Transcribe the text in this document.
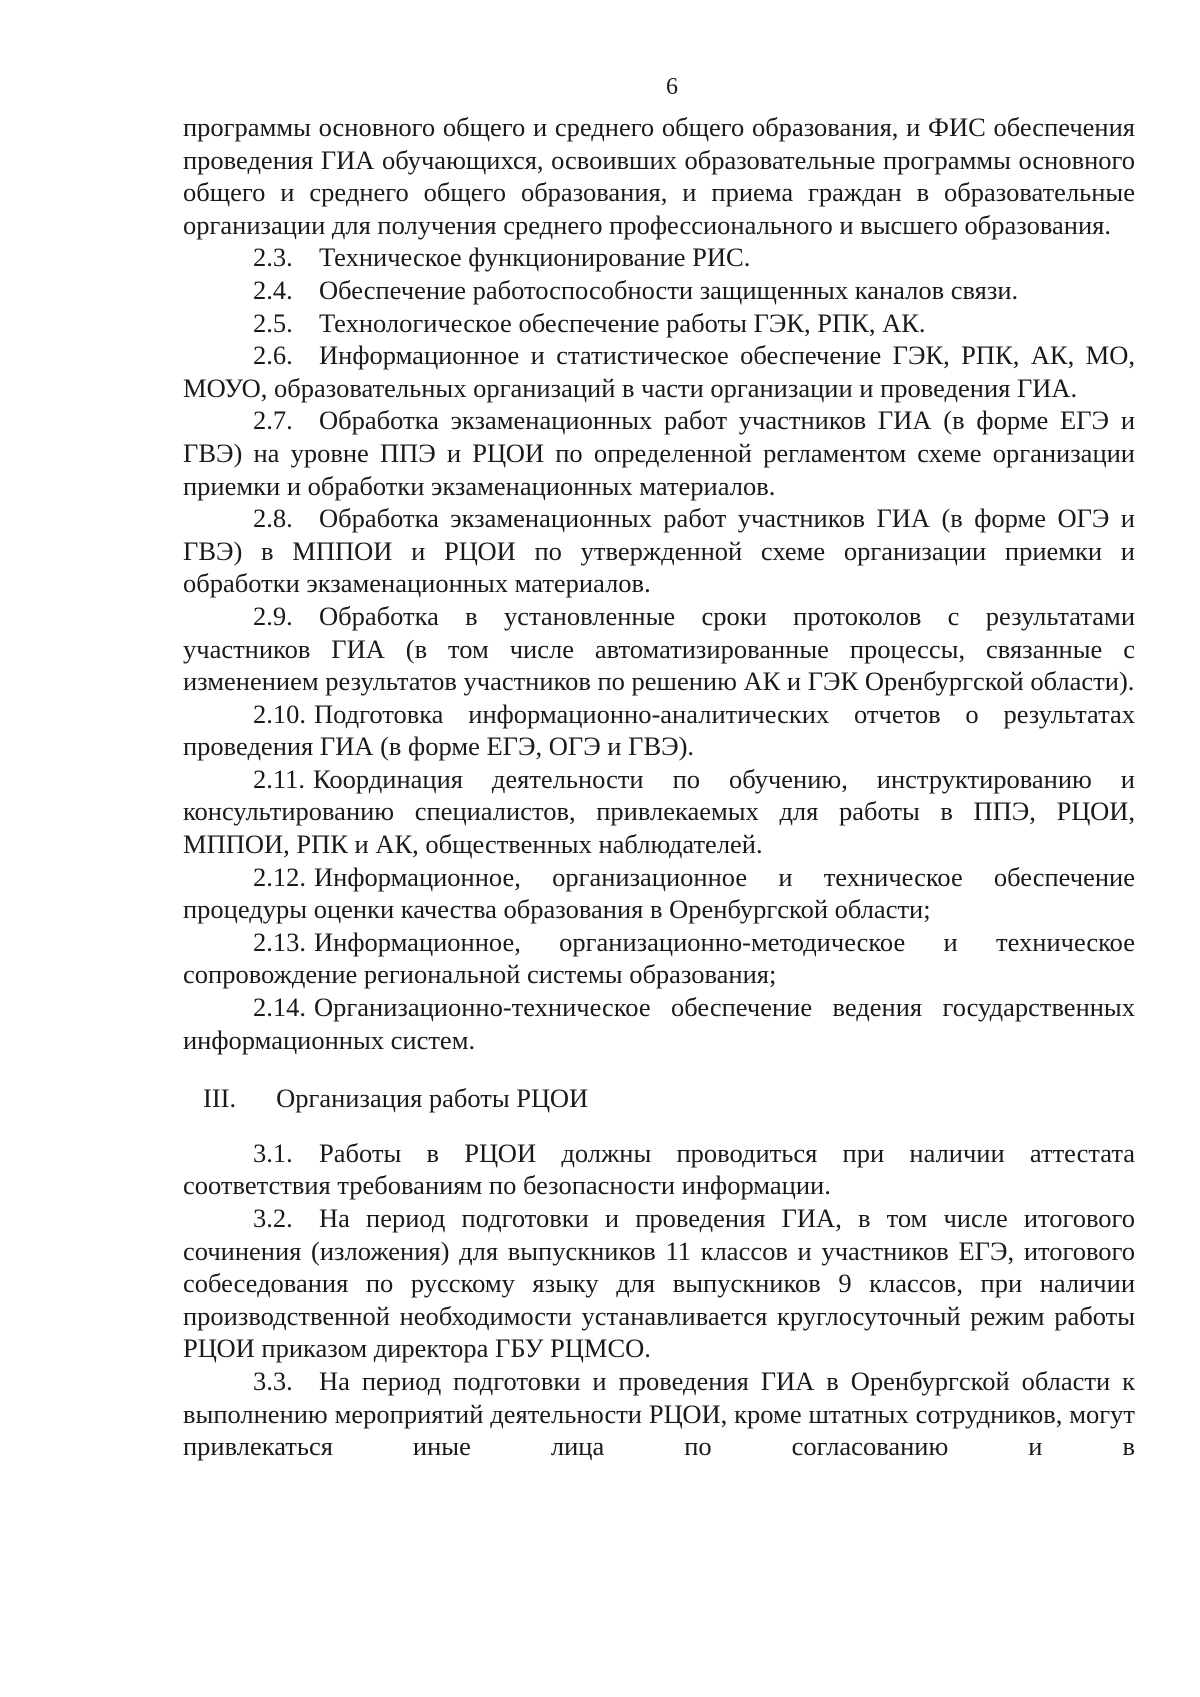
6

программы основного общего и среднего общего образования, и ФИС обеспечения проведения ГИА обучающихся, освоивших образовательные программы основного общего и среднего общего образования, и приема граждан в образовательные организации для получения среднего профессионального и высшего образования.

2.3. Техническое функционирование РИС.

2.4. Обеспечение работоспособности защищенных каналов связи.

2.5. Технологическое обеспечение работы ГЭК, РПК, АК.

2.6. Информационное и статистическое обеспечение ГЭК, РПК, АК, МО, МОУО, образовательных организаций в части организации и проведения ГИА.

2.7. Обработка экзаменационных работ участников ГИА (в форме ЕГЭ и ГВЭ) на уровне ППЭ и РЦОИ по определенной регламентом схеме организации приемки и обработки экзаменационных материалов.

2.8. Обработка экзаменационных работ участников ГИА (в форме ОГЭ и ГВЭ) в МППОИ и РЦОИ по утвержденной схеме организации приемки и обработки экзаменационных материалов.

2.9. Обработка в установленные сроки протоколов с результатами участников ГИА (в том числе автоматизированные процессы, связанные с изменением результатов участников по решению АК и ГЭК Оренбургской области).

2.10. Подготовка информационно-аналитических отчетов о результатах проведения ГИА (в форме ЕГЭ, ОГЭ и ГВЭ).

2.11. Координация деятельности по обучению, инструктированию и консультированию специалистов, привлекаемых для работы в ППЭ, РЦОИ, МППОИ, РПК и АК, общественных наблюдателей.

2.12. Информационное, организационное и техническое обеспечение процедуры оценки качества образования в Оренбургской области;

2.13. Информационное, организационно-методическое и техническое сопровождение региональной системы образования;

2.14. Организационно-техническое обеспечение ведения государственных информационных систем.

III. Организация работы РЦОИ

3.1. Работы в РЦОИ должны проводиться при наличии аттестата соответствия требованиям по безопасности информации.

3.2. На период подготовки и проведения ГИА, в том числе итогового сочинения (изложения) для выпускников 11 классов и участников ЕГЭ, итогового собеседования по русскому языку для выпускников 9 классов, при наличии производственной необходимости устанавливается круглосуточный режим работы РЦОИ приказом директора ГБУ РЦМСО.

3.3. На период подготовки и проведения ГИА в Оренбургской области к выполнению мероприятий деятельности РЦОИ, кроме штатных сотрудников, могут привлекаться иные лица по согласованию и в
